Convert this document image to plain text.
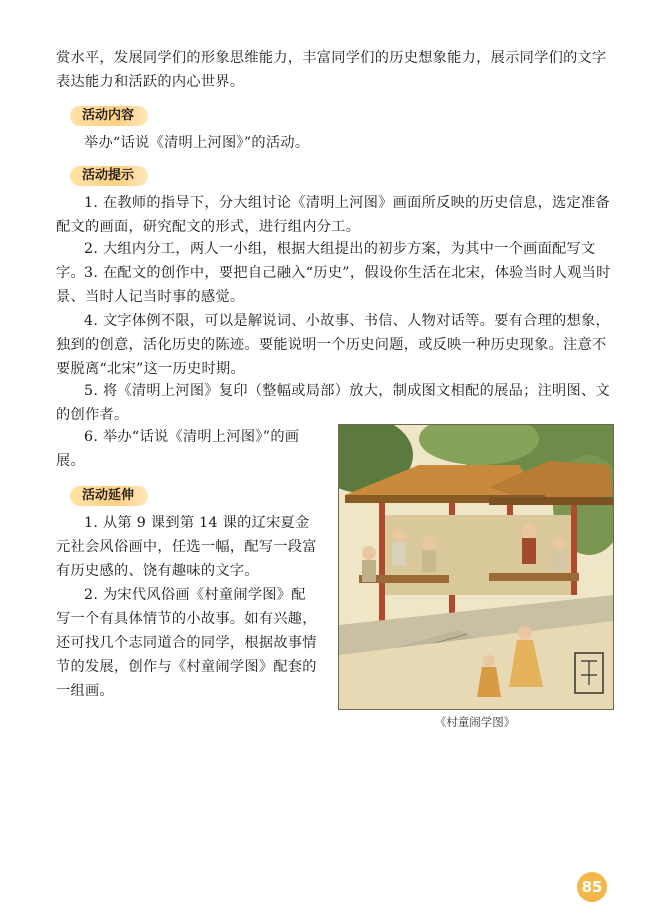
赏水平，发展同学们的形象思维能力，丰富同学们的历史想象能力，展示同学们的文字表达能力和活跃的内心世界。

活动内容

举办“话说《清明上河图》”的活动。

活动提示

1. 在教师的指导下，分大组讨论《清明上河图》画面所反映的历史信息，选定准备配文的画面，研究配文的形式，进行组内分工。

2. 大组内分工，两人一小组，根据大组提出的初步方案，为其中一个画面配写文字。 3. 在配文的创作中，要把自己融入“历史”，假设你生活在北宋，体验当时人观当时景、当时人记当时事的感觉。

4. 文字体例不限，可以是解说词、小故事、书信、人物对话等。要有合理的想象，独到的创意，活化历史的陈迹。要能说明一个历史问题，或反映一种历史现象。注意不要脱离“北宋”这一历史时期。

5. 将《清明上河图》复印（整幅或局部）放大，制成图文相配的展品；注明图、文的创作者。

6. 举办“话说《清明上河图》”的画展。

活动延伸

1. 从第 9 课到第 14 课的辽宋夏金元社会风俗画中，任选一幅，配写一段富有历史感的、饶有趣味的文字。

2. 为宋代风俗画《村童闹学图》配写一个有具体情节的小故事。如有兴趣，还可找几个志同道合的同学，根据故事情节的发展，创作与《村童闹学图》配套的一组画。

《村童闹学图》
85
